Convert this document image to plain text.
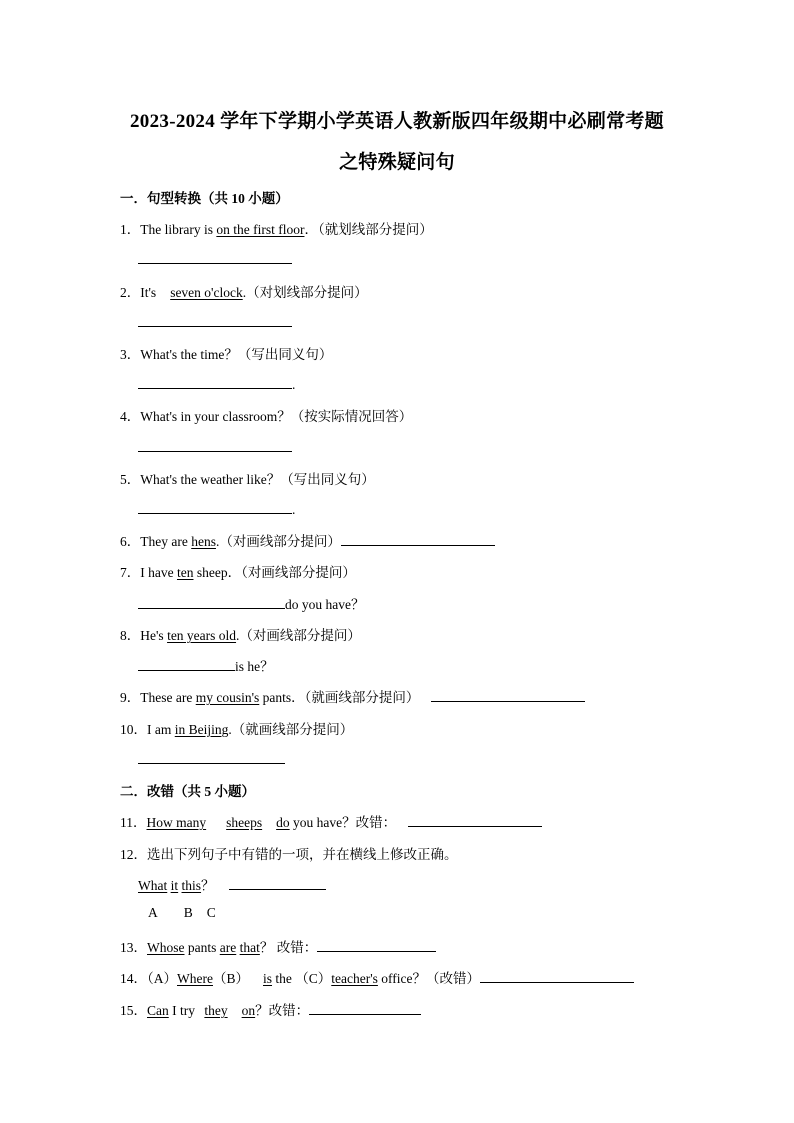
2023-2024 学年下学期小学英语人教新版四年级期中必刷常考题
之特殊疑问句
一．句型转换（共 10 小题）
1．The library is on the first floor．（就划线部分提问）
2．It's seven o'clock.（对划线部分提问）
3．What's the time？（写出同义句）
.
4．What's in your classroom？（按实际情况回答）
5．What's the weather like？（写出同义句）
.
6．They are hens.（对画线部分提问）
7．I have ten sheep．（对画线部分提问）
do you have？
8．He's ten years old.（对画线部分提问）
is he？
9．These are my cousin's pants．（就画线部分提问）
10．I am in Beijing.（就画线部分提问）
二．改错（共 5 小题）
11．How many sheeps do you have？改错：
12．选出下列句子中有错的一项，并在横线上修改正确。
What it this？
A B C
13．Whose pants are that？ 改错：
14．（A）Where（B） is the （C）teacher's office？（改错）
15．Can I try they on？改错：
